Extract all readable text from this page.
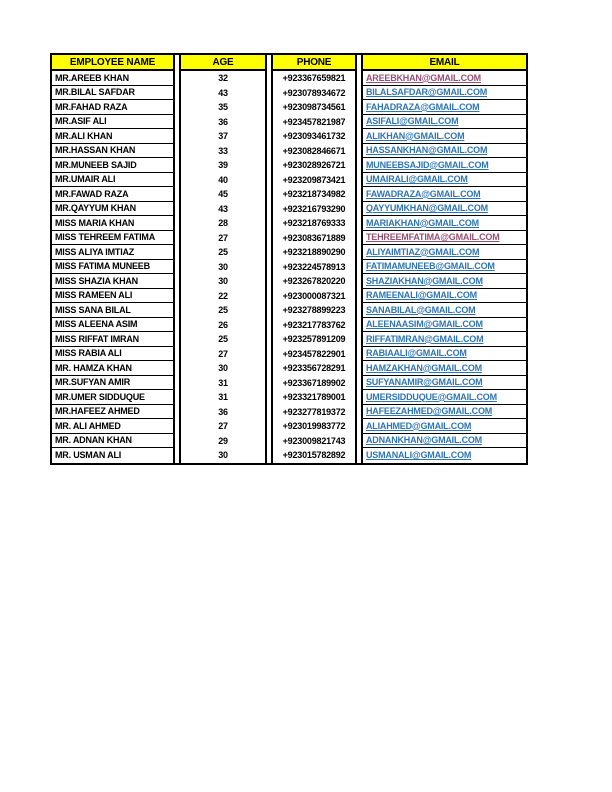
EMPLOYEE NAME
MR.AREEB KHAN
MR.BILAL SAFDAR
MR.FAHAD RAZA
MR.ASIF ALI
MR.ALI KHAN
MR.HASSAN KHAN
MR.MUNEEB SAJID
MR.UMAIR ALI
MR.FAWAD RAZA
MR.QAYYUM KHAN
MISS MARIA KHAN
MISS TEHREEM FATIMA
MISS ALIYA IMTIAZ
MISS FATIMA MUNEEB
MISS SHAZIA KHAN
MISS RAMEEN ALI
MISS SANA BILAL
MISS ALEENA ASIM
MISS RIFFAT IMRAN
MISS RABIA ALI
MR. HAMZA KHAN
MR.SUFYAN AMIR
MR.UMER SIDDUQUE
MR.HAFEEZ AHMED
MR. ALI AHMED
MR. ADNAN KHAN
MR. USMAN ALI
AGE
32
43
35
36
37
33
39
40
45
43
28
27
25
30
30
22
25
26
25
27
30
31
31
36
27
29
30
PHONE
+923367659821
+923078934672
+923098734561
+923457821987
+923093461732
+923082846671
+923028926721
+923209873421
+923218734982
+923216793290
+923218769333
+923083671889
+923218890290
+923224578913
+923267820220
+923000087321
+923278899223
+923217783762
+923257891209
+923457822901
+923356728291
+923367189902
+923321789001
+923277819372
+923019983772
+923009821743
+923015782892
EMAIL
AREEBKHAN@GMAIL.COM
BILALSAFDAR@GMAIL.COM
FAHADRAZA@GMAIL.COM
ASIFALI@GMAIL.COM
ALIKHAN@GMAIL.COM
HASSANKHAN@GMAIL.COM
MUNEEBSAJID@GMAIL.COM
UMAIRALI@GMAIL.COM
FAWADRAZA@GMAIL.COM
QAYYUMKHAN@GMAIL.COM
MARIAKHAN@GMAIL.COM
TEHREEMFATIMA@GMAIL.COM
ALIYAIMTIAZ@GMAIL.COM
FATIMAMUNEEB@GMAIL.COM
SHAZIAKHAN@GMAIL.COM
RAMEENALI@GMAIL.COM
SANABILAL@GMAIL.COM
ALEENAASIM@GMAIL.COM
RIFFATIMRAN@GMAIL.COM
RABIAALI@GMAIL.COM
HAMZAKHAN@GMAIL.COM
SUFYANAMIR@GMAIL.COM
UMERSIDDUQUE@GMAIL.COM
HAFEEZAHMED@GMAIL.COM
ALIAHMED@GMAIL.COM
ADNANKHAN@GMAIL.COM
USMANALI@GMAIL.COM
